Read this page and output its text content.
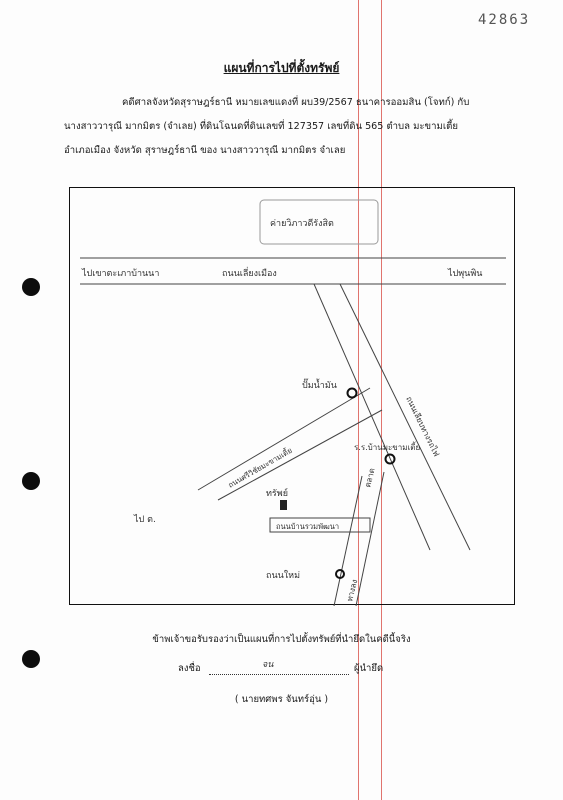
42863
แผนที่การไปที่ตั้งทรัพย์
คดีศาลจังหวัดสุราษฎร์ธานี หมายเลขแดงที่ ผบ39/2567 ธนาคารออมสิน (โจทก์) กับ
นางสาววารุณี มากมิตร (จำเลย) ที่ดินโฉนดที่ดินเลขที่ 127357 เลขที่ดิน 565 ตำบล มะขามเตี้ย
อำเภอเมือง จังหวัด สุราษฎร์ธานี ของ นางสาววารุณี มากมิตร จำเลย
ค่ายวิภาวดีรังสิต
ไปเขาตะเภาบ้านนา	ถนนเลี่ยงเมือง	ไปพุนพิน
ถนนเลียบทางรถไฟ
ถนนศรีวิชัยมะขามเตี้ย
ไป ต.
ปั๊มน้ำมัน
ร.ร.บ้านมะขามเตี้ย
ตลาด
ทางลง
ทรัพย์
ถนนบ้านรวมพัฒนา
ถนนใหม่
ข้าพเจ้าขอรับรองว่าเป็นแผนที่การไปตั้งทรัพย์ที่นำยึดในคดีนี้จริง
ลงชื่อ	จน	ผู้นำยึด
( นายทศพร จันทร์อุ่น )
